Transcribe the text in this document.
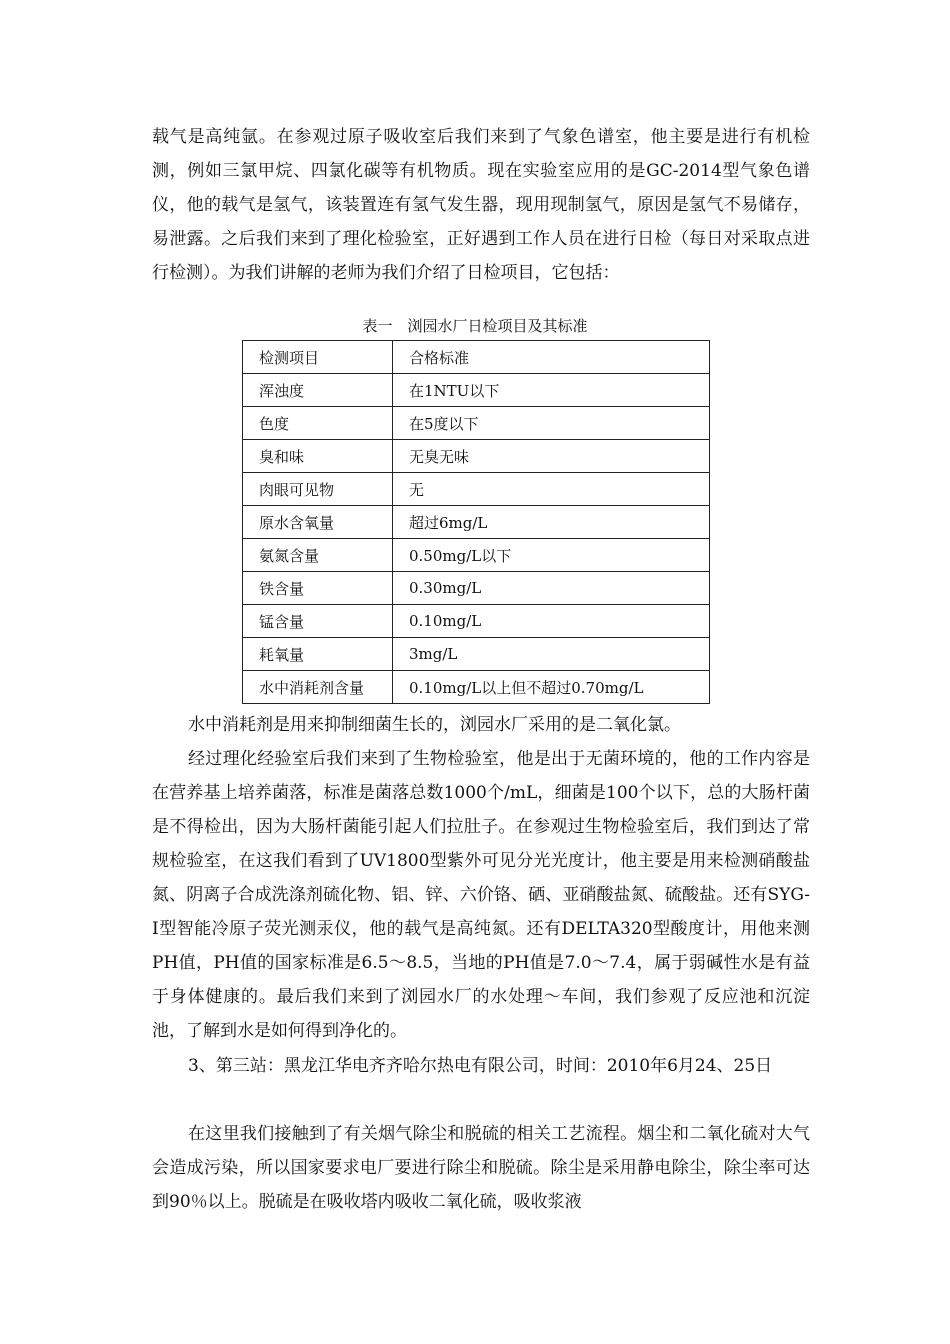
载气是高纯氩。在参观过原子吸收室后我们来到了气象色谱室，他主要是进行有机检测，例如三氯甲烷、四氯化碳等有机物质。现在实验室应用的是GC-2014型气象色谱仪，他的载气是氢气，该装置连有氢气发生器，现用现制氢气，原因是氢气不易储存，易泄露。之后我们来到了理化检验室，正好遇到工作人员在进行日检（每日对采取点进行检测）。为我们讲解的老师为我们介绍了日检项目，它包括：

表一　浏园水厂日检项目及其标准
检测项目	合格标准
浑浊度	在1NTU以下
色度	在5度以下
臭和味	无臭无味
肉眼可见物	无
原水含氧量	超过6mg/L
氨氮含量	0.50mg/L以下
铁含量	0.30mg/L
锰含量	0.10mg/L
耗氧量	3mg/L
水中消耗剂含量	0.10mg/L以上但不超过0.70mg/L

水中消耗剂是用来抑制细菌生长的，浏园水厂采用的是二氧化氯。

经过理化经验室后我们来到了生物检验室，他是出于无菌环境的，他的工作内容是在营养基上培养菌落，标准是菌落总数1000个/mL，细菌是100个以下，总的大肠杆菌是不得检出，因为大肠杆菌能引起人们拉肚子。在参观过生物检验室后，我们到达了常规检验室，在这我们看到了UV1800型紫外可见分光光度计，他主要是用来检测硝酸盐氮、阴离子合成洗涤剂硫化物、铝、锌、六价铬、硒、亚硝酸盐氮、硫酸盐。还有SYG-I型智能冷原子荧光测汞仪，他的载气是高纯氮。还有DELTA320型酸度计，用他来测PH值，PH值的国家标准是6.5～8.5，当地的PH值是7.0～7.4，属于弱碱性水是有益于身体健康的。最后我们来到了浏园水厂的水处理～车间，我们参观了反应池和沉淀池，了解到水是如何得到净化的。

3、第三站：黑龙江华电齐齐哈尔热电有限公司，时间：2010年6月24、25日

在这里我们接触到了有关烟气除尘和脱硫的相关工艺流程。烟尘和二氧化硫对大气会造成污染，所以国家要求电厂要进行除尘和脱硫。除尘是采用静电除尘，除尘率可达到90％以上。脱硫是在吸收塔内吸收二氧化硫，吸收浆液
